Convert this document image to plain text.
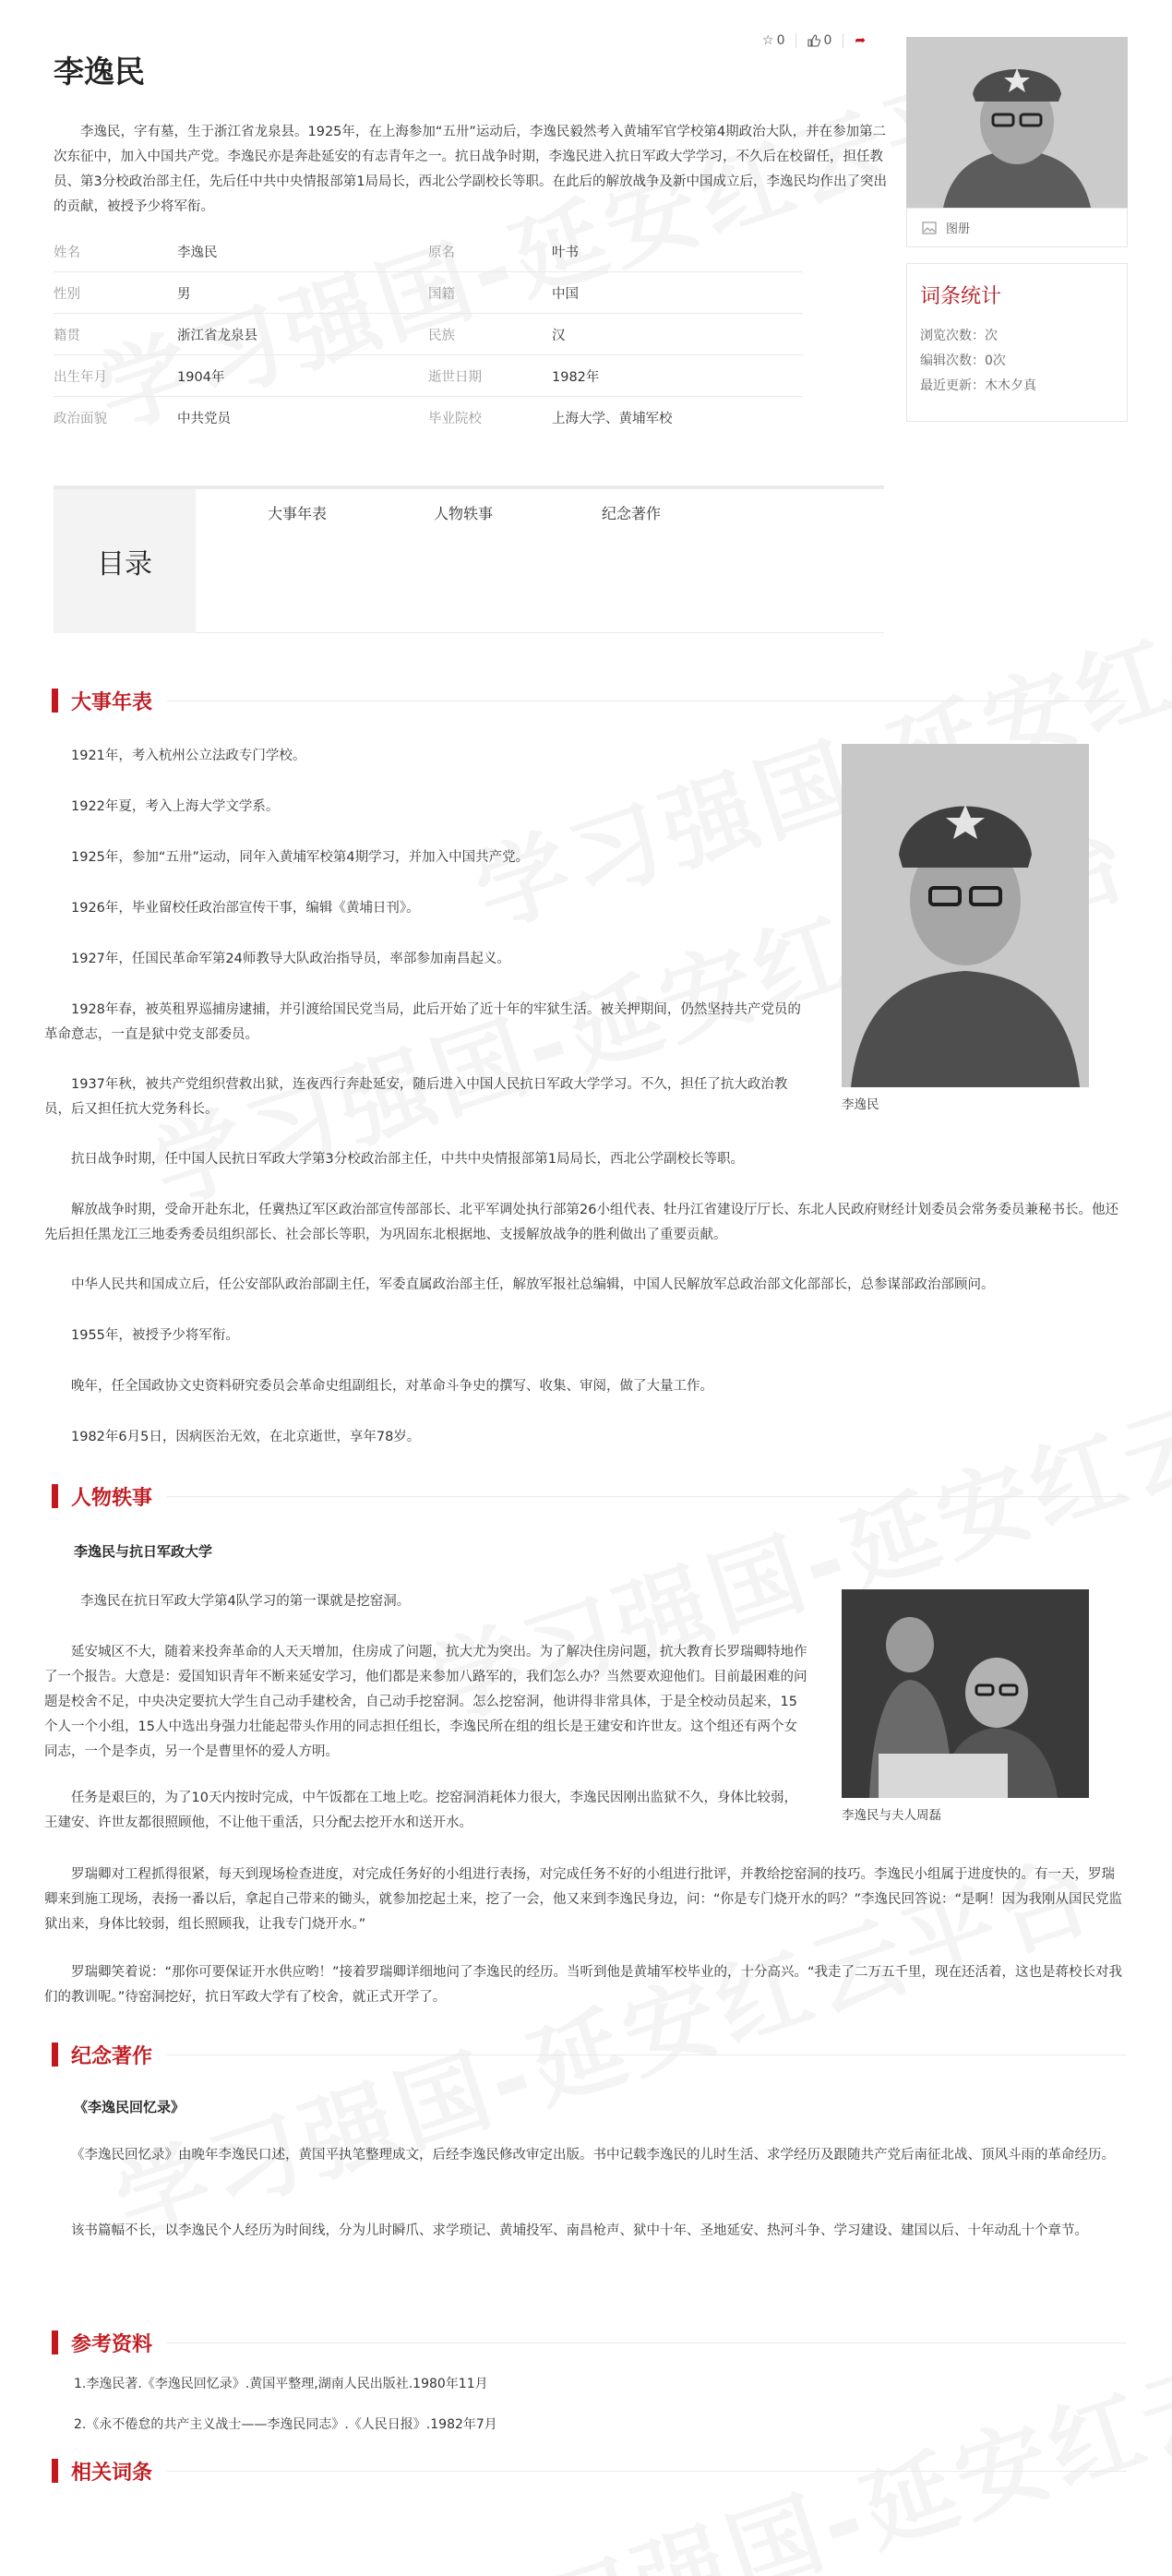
李逸民
☆ 0	0 ➦

李逸民，字有墓，生于浙江省龙泉县。1925年，在上海参加“五卅”运动后，李逸民毅然考入黄埔军官学校第4期政治大队，并在参加第二次东征中，加入中国共产党。李逸民亦是奔赴延安的有志青年之一。抗日战争时期，李逸民进入抗日军政大学学习，不久后在校留任，担任教员、第3分校政治部主任，先后任中共中央情报部第1局局长，西北公学副校长等职。在此后的解放战争及新中国成立后，李逸民均作出了突出的贡献，被授予少将军衔。

姓名	李逸民	原名	叶书
性别	男	国籍	中国
籍贯	浙江省龙泉县	民族	汉
出生年月	1904年	逝世日期	1982年
政治面貌	中共党员	毕业院校	上海大学、黄埔军校
图册
词条统计
浏览次数：次
编辑次数：0次
最近更新：木木夕真
目录
大事年表	人物轶事	纪念著作
大事年表
1921年，考入杭州公立法政专门学校。
1922年夏，考入上海大学文学系。
1925年，参加“五卅”运动，同年入黄埔军校第4期学习，并加入中国共产党。
1926年，毕业留校任政治部宣传干事，编辑《黄埔日刊》。
1927年，任国民革命军第24师教导大队政治指导员，率部参加南昌起义。
1928年春，被英租界巡捕房逮捕，并引渡给国民党当局，此后开始了近十年的牢狱生活。被关押期间，仍然坚持共产党员的革命意志，一直是狱中党支部委员。
1937年秋，被共产党组织营救出狱，连夜西行奔赴延安，随后进入中国人民抗日军政大学学习。不久，担任了抗大政治教员，后又担任抗大党务科长。
抗日战争时期，任中国人民抗日军政大学第3分校政治部主任，中共中央情报部第1局局长，西北公学副校长等职。
解放战争时期，受命开赴东北，任冀热辽军区政治部宣传部部长、北平军调处执行部第26小组代表、牡丹江省建设厅厅长、东北人民政府财经计划委员会常务委员兼秘书长。他还先后担任黑龙江三地委秀委员组织部长、社会部长等职，为巩固东北根据地、支援解放战争的胜利做出了重要贡献。
中华人民共和国成立后，任公安部队政治部副主任，军委直属政治部主任，解放军报社总编辑，中国人民解放军总政治部文化部部长，总参谋部政治部顾问。
1955年，被授予少将军衔。
晚年，任全国政协文史资料研究委员会革命史组副组长，对革命斗争史的撰写、收集、审阅，做了大量工作。
1982年6月5日，因病医治无效，在北京逝世，享年78岁。
李逸民
人物轶事
李逸民与抗日军政大学
李逸民在抗日军政大学第4队学习的第一课就是挖窑洞。
延安城区不大，随着来投奔革命的人天天增加，住房成了问题，抗大尤为突出。为了解决住房问题，抗大教育长罗瑞卿特地作了一个报告。大意是：爱国知识青年不断来延安学习，他们都是来参加八路军的，我们怎么办？当然要欢迎他们。目前最困难的问题是校舍不足，中央决定要抗大学生自己动手建校舍，自己动手挖窑洞。怎么挖窑洞，他讲得非常具体，于是全校动员起来，15个人一个小组，15人中选出身强力壮能起带头作用的同志担任组长，李逸民所在组的组长是王建安和许世友。这个组还有两个女同志，一个是李贞，另一个是曹里怀的爱人方明。
任务是艰巨的，为了10天内按时完成，中午饭都在工地上吃。挖窑洞消耗体力很大，李逸民因刚出监狱不久，身体比较弱，王建安、许世友都很照顾他，不让他干重活，只分配去挖开水和送开水。
罗瑞卿对工程抓得很紧，每天到现场检查进度，对完成任务好的小组进行表扬，对完成任务不好的小组进行批评，并教给挖窑洞的技巧。李逸民小组属于进度快的。有一天，罗瑞卿来到施工现场，表扬一番以后，拿起自己带来的锄头，就参加挖起土来，挖了一会，他又来到李逸民身边，问：“你是专门烧开水的吗？”李逸民回答说：“是啊！因为我刚从国民党监狱出来，身体比较弱，组长照顾我，让我专门烧开水。”
罗瑞卿笑着说：“那你可要保证开水供应哟！”接着罗瑞卿详细地问了李逸民的经历。当听到他是黄埔军校毕业的，十分高兴。“我走了二万五千里，现在还活着，这也是蒋校长对我们的教训呢。”待窑洞挖好，抗日军政大学有了校舍，就正式开学了。
李逸民与夫人周磊
纪念著作
《李逸民回忆录》
《李逸民回忆录》由晚年李逸民口述，黄国平执笔整理成文，后经李逸民修改审定出版。书中记载李逸民的儿时生活、求学经历及跟随共产党后南征北战、顶风斗雨的革命经历。
该书篇幅不长，以李逸民个人经历为时间线，分为儿时瞬爪、求学琐记、黄埔投军、南昌枪声、狱中十年、圣地延安、热河斗争、学习建设、建国以后、十年动乱十个章节。
参考资料
1.李逸民著.《李逸民回忆录》.黄国平整理,湖南人民出版社.1980年11月
2.《永不倦怠的共产主义战士——李逸民同志》.《人民日报》.1982年7月
相关词条
